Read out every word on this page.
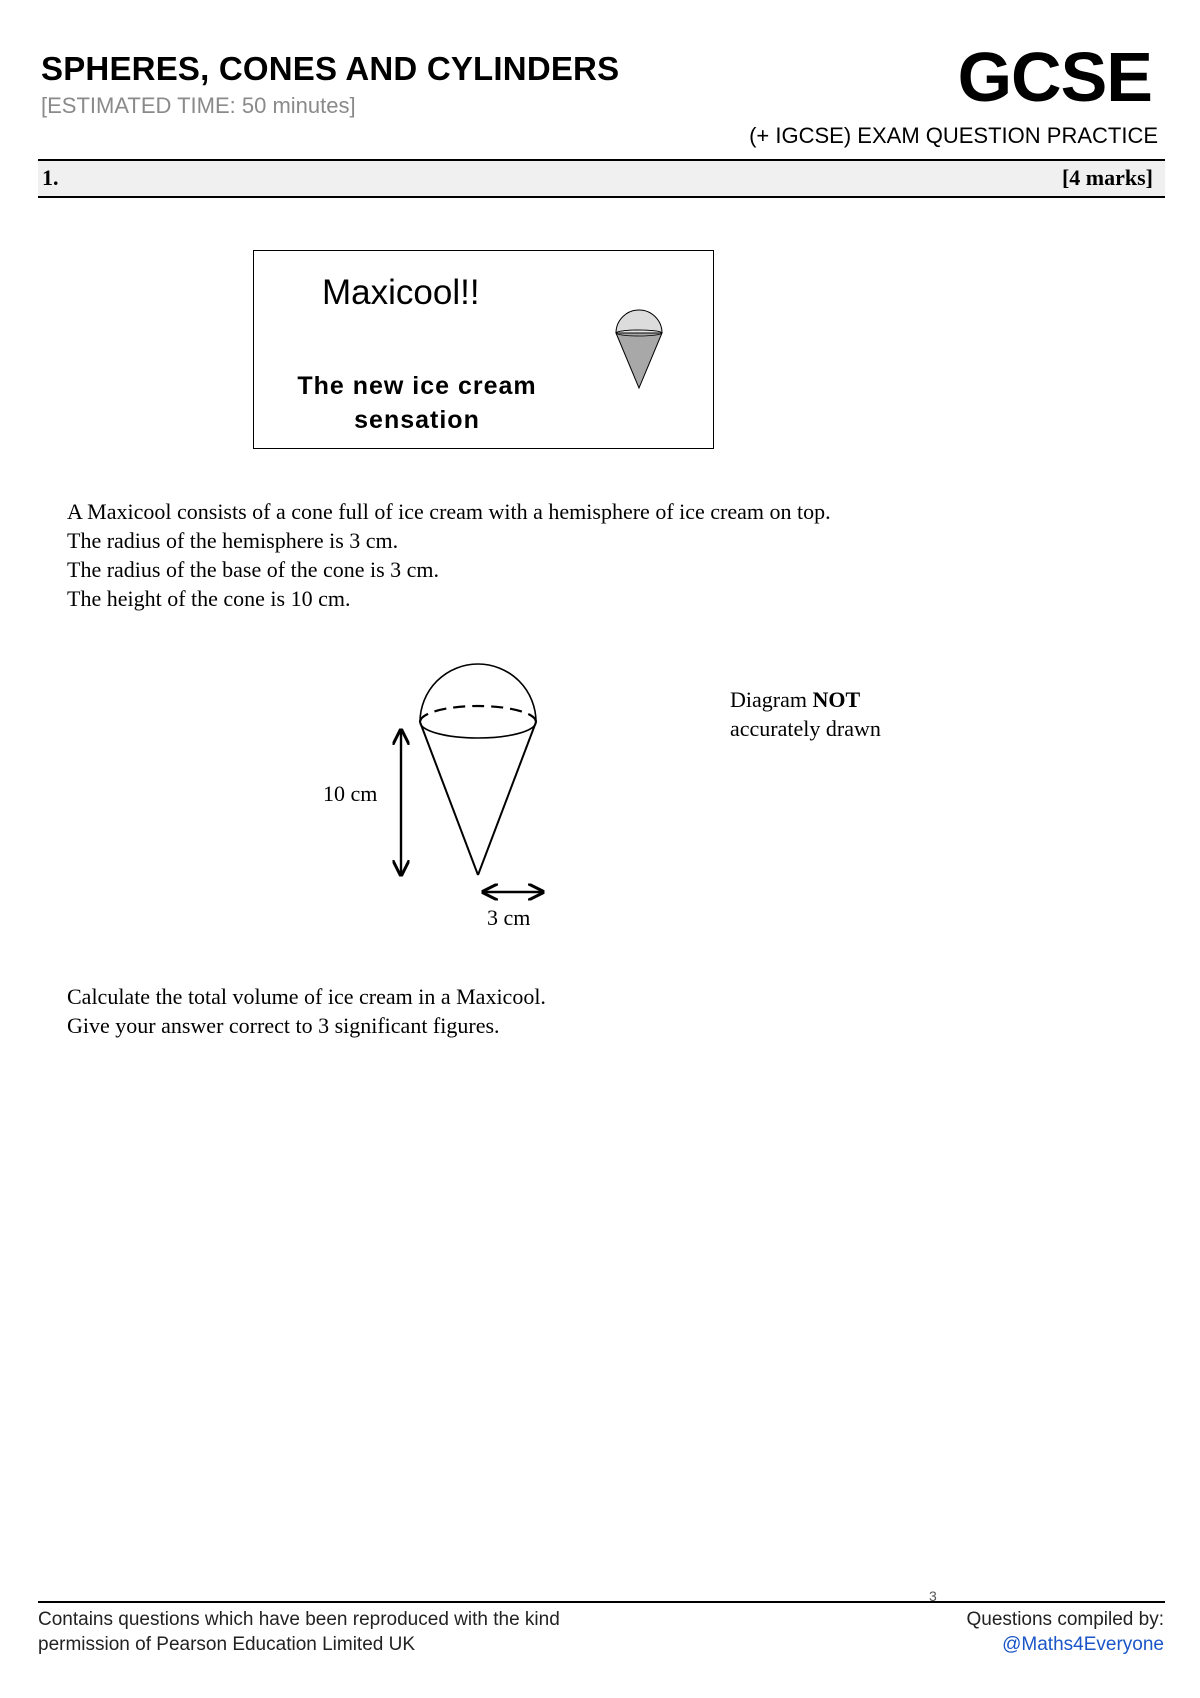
SPHERES, CONES AND CYLINDERS
[ESTIMATED TIME: 50 minutes]	GCSE
(+ IGCSE) EXAM QUESTION PRACTICE
1.	[4 marks]
Maxicool!!
The new ice cream
sensation
A Maxicool consists of a cone full of ice cream with a hemisphere of ice cream on top.
The radius of the hemisphere is 3 cm.
The radius of the base of the cone is 3 cm.
The height of the cone is 10 cm.
10 cm
3 cm
Diagram NOT
accurately drawn
Calculate the total volume of ice cream in a Maxicool.
Give your answer correct to 3 significant figures.
3
Contains questions which have been reproduced with the kind
permission of Pearson Education Limited UK
Questions compiled by:
@Maths4Everyone
